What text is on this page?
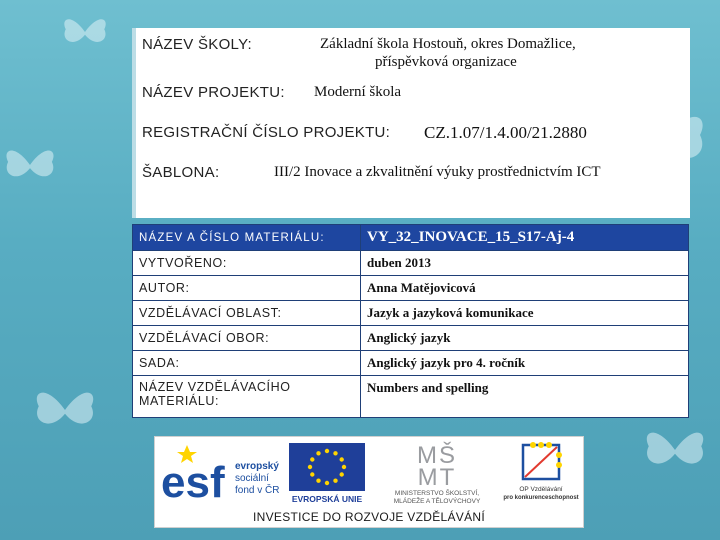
NÁZEV ŠKOLY:	Základní škola Hostouň, okres Domažlice,
příspěvková organizace
NÁZEV PROJEKTU: Moderní škola
REGISTRAČNÍ ČÍSLO PROJEKTU: CZ.1.07/1.4.00/21.2880
ŠABLONA:	III/2 Inovace a zkvalitnění výuky prostřednictvím ICT
NÁZEV A ČÍSLO MATERIÁLU:	VY_32_INOVACE_15_S17-Aj-4
VYTVOŘENO:	duben 2013
AUTOR:	Anna Matějovicová
VZDĚLÁVACÍ OBLAST:	Jazyk a jazyková komunikace
VZDĚLÁVACÍ OBOR:	Anglický jazyk
SADA:	Anglický jazyk pro 4. ročník
NÁZEV VZDĚLÁVACÍHO MATERIÁLU:	Numbers and spelling
esf evropský
sociální
fond v ČR
EVROPSKÁ UNIE
MŠ
MT
MINISTERSTVO ŠKOLSTVÍ,
MLÁDEŽE A TĚLOVÝCHOVY
OP Vzdělávání
pro konkurenceschopnost
INVESTICE DO ROZVOJE VZDĚLÁVÁNÍ
